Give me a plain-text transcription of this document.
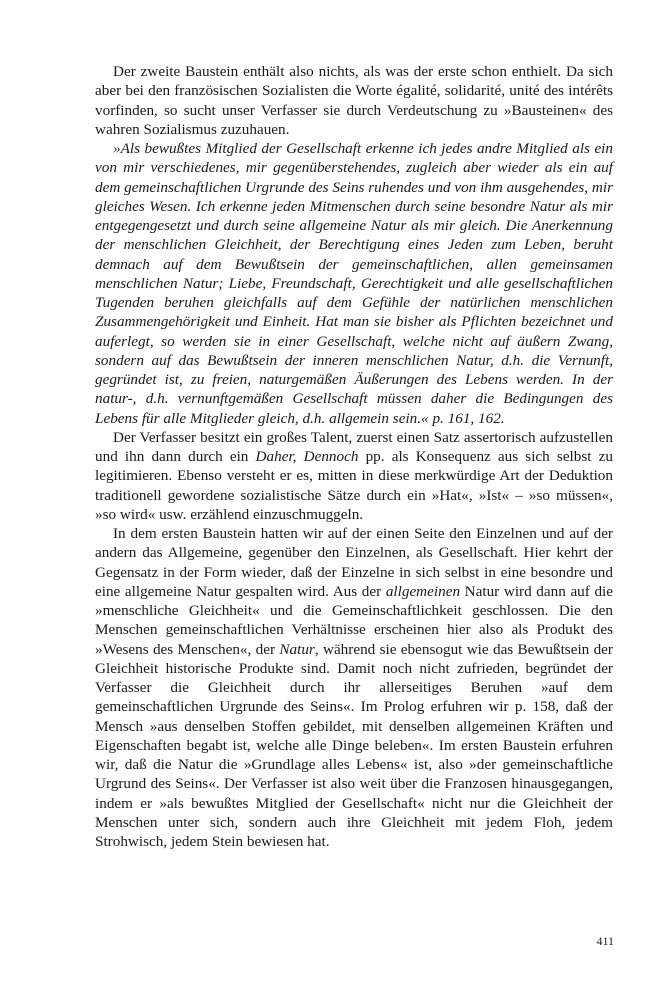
Der zweite Baustein enthält also nichts, als was der erste schon enthielt. Da sich aber bei den französischen Sozialisten die Worte égalité, solidarité, unité des intérêts vorfinden, so sucht unser Verfasser sie durch Verdeutschung zu »Bausteinen« des wahren Sozialismus zuzuhauen.

»Als bewußtes Mitglied der Gesellschaft erkenne ich jedes andre Mitglied als ein von mir verschiedenes, mir gegenüberstehendes, zugleich aber wieder als ein auf dem gemeinschaftlichen Urgrunde des Seins ruhendes und von ihm ausgehendes, mir gleiches Wesen. Ich erkenne jeden Mitmenschen durch seine besondre Natur als mir entgegengesetzt und durch seine allgemeine Natur als mir gleich. Die Anerkennung der menschlichen Gleichheit, der Berechtigung eines Jeden zum Leben, beruht demnach auf dem Bewußtsein der gemeinschaftlichen, allen gemeinsamen menschlichen Natur; Liebe, Freundschaft, Gerechtigkeit und alle gesellschaftlichen Tugenden beruhen gleichfalls auf dem Gefühle der natürlichen menschlichen Zusammengehörigkeit und Einheit. Hat man sie bisher als Pflichten bezeichnet und auferlegt, so werden sie in einer Gesellschaft, welche nicht auf äußern Zwang, sondern auf das Bewußtsein der inneren menschlichen Natur, d.h. die Vernunft, gegründet ist, zu freien, naturgemäßen Äußerungen des Lebens werden. In der natur-, d.h. vernunftgemäßen Gesellschaft müssen daher die Bedingungen des Lebens für alle Mitglieder gleich, d.h. allgemein sein.« p. 161, 162.

Der Verfasser besitzt ein großes Talent, zuerst einen Satz assertorisch aufzustellen und ihn dann durch ein Daher, Dennoch pp. als Konsequenz aus sich selbst zu legitimieren. Ebenso versteht er es, mitten in diese merkwürdige Art der Deduktion traditionell gewordene sozialistische Sätze durch ein »Hat«, »Ist« – »so müssen«, »so wird« usw. erzählend einzuschmuggeln.

In dem ersten Baustein hatten wir auf der einen Seite den Einzelnen und auf der andern das Allgemeine, gegenüber den Einzelnen, als Gesellschaft. Hier kehrt der Gegensatz in der Form wieder, daß der Einzelne in sich selbst in eine besondre und eine allgemeine Natur gespalten wird. Aus der allgemeinen Natur wird dann auf die »menschliche Gleichheit« und die Gemeinschaftlichkeit geschlossen. Die den Menschen gemeinschaftlichen Verhältnisse erscheinen hier also als Produkt des »Wesens des Menschen«, der Natur, während sie ebensogut wie das Bewußtsein der Gleichheit historische Produkte sind. Damit noch nicht zufrieden, begründet der Verfasser die Gleichheit durch ihr allerseitiges Beruhen »auf dem gemeinschaftlichen Urgrunde des Seins«. Im Prolog erfuhren wir p. 158, daß der Mensch »aus denselben Stoffen gebildet, mit denselben allgemeinen Kräften und Eigenschaften begabt ist, welche alle Dinge beleben«. Im ersten Baustein erfuhren wir, daß die Natur die »Grundlage alles Lebens« ist, also »der gemeinschaftliche Urgrund des Seins«. Der Verfasser ist also weit über die Franzosen hinausgegangen, indem er »als bewußtes Mitglied der Gesellschaft« nicht nur die Gleichheit der Menschen unter sich, sondern auch ihre Gleichheit mit jedem Floh, jedem Strohwisch, jedem Stein bewiesen hat.

411
